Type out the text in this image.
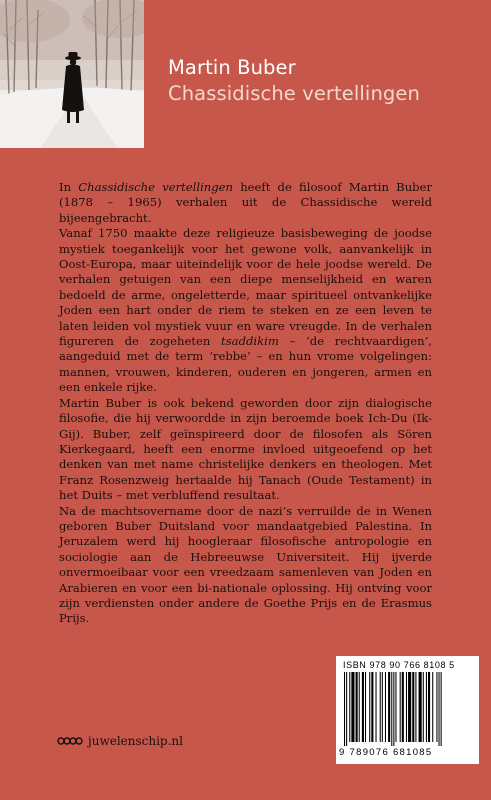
Martin Buber
Chassidische vertellingen

In Chassidische vertellingen heeft de filosoof Martin Buber (1878 – 1965) verhalen uit de Chassidische wereld bijeengebracht.

Vanaf 1750 maakte deze religieuze basisbeweging de joodse mystiek toegankelijk voor het gewone volk, aanvankelijk in Oost-Europa, maar uiteindelijk voor de hele joodse wereld. De verhalen getuigen van een diepe menselijkheid en waren bedoeld de arme, ongeletterde, maar spiritueel ontvankelijke Joden een hart onder de riem te steken en ze een leven te laten leiden vol mystiek vuur en ware vreugde. In de verhalen figureren de zogeheten tsaddikim – ‘de rechtvaardigen’, aangeduid met de term ‘rebbe’ – en hun vrome volgelingen: mannen, vrouwen, kinderen, ouderen en jongeren, armen en een enkele rijke.

Martin Buber is ook bekend geworden door zijn dialogische filosofie, die hij verwoordde in zijn beroemde boek Ich-Du (Ik-Gij). Buber, zelf geïnspireerd door de filosofen als Sören Kierkegaard, heeft een enorme invloed uitgeoefend op het denken van met name christelijke denkers en theologen. Met Franz Rosenzweig hertaalde hij Tanach (Oude Testament) in het Duits – met verbluffend resultaat.

Na de machtsovername door de nazi’s verruilde de in Wenen geboren Buber Duitsland voor mandaatgebied Palestina. In Jeruzalem werd hij hoogleraar filosofische antropologie en sociologie aan de Hebreeuwse Universiteit. Hij ijverde onvermoeibaar voor een vreedzaam samenleven van Joden en Arabieren en voor een bi-nationale oplossing. Hij ontving voor zijn verdiensten onder andere de Goethe Prijs en de Erasmus Prijs.

ISBN 978 90 766 8108 5
9 789076 681085
juwelenschip.nl
